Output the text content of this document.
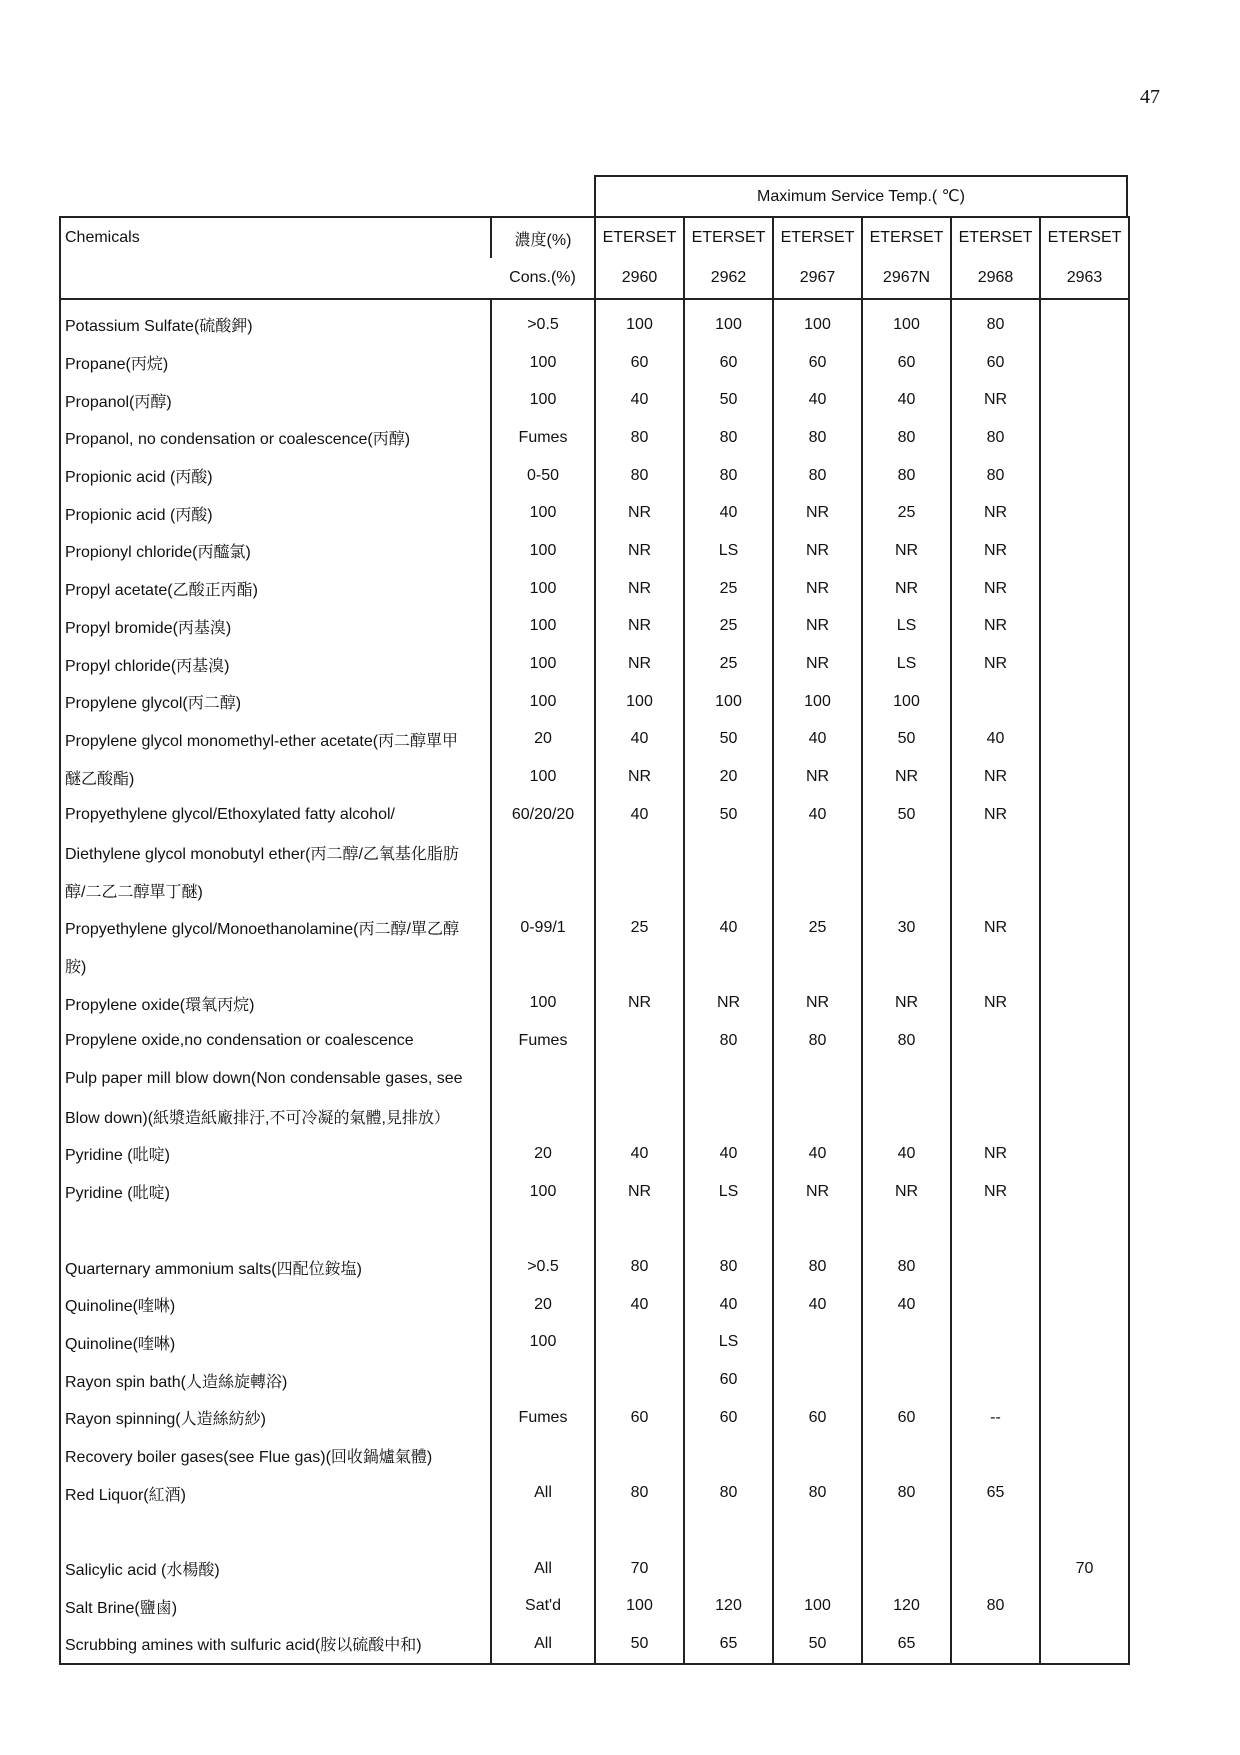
47
Maximum Service Temp.( ℃)
Chemicals	濃度(%)	ETERSET	ETERSET	ETERSET	ETERSET	ETERSET	ETERSET
	Cons.(%)	2960	2962	2967	2967N	2968	2963
Potassium Sulfate(硫酸鉀)	>0.5	100	100	100	100	80	
Propane(丙烷)	100	60	60	60	60	60	
Propanol(丙醇)	100	40	50	40	40	NR	
Propanol, no condensation or coalescence(丙醇)	Fumes	80	80	80	80	80	
Propionic acid (丙酸)	0-50	80	80	80	80	80	
Propionic acid (丙酸)	100	NR	40	NR	25	NR	
Propionyl chloride(丙醯氯)	100	NR	LS	NR	NR	NR	
Propyl acetate(乙酸正丙酯)	100	NR	25	NR	NR	NR	
Propyl bromide(丙基溴)	100	NR	25	NR	LS	NR	
Propyl chloride(丙基溴)	100	NR	25	NR	LS	NR	
Propylene glycol(丙二醇)	100	100	100	100	100		
Propylene glycol monomethyl-ether acetate(丙二醇單甲	20	40	50	40	50	40	
醚乙酸酯)	100	NR	20	NR	NR	NR	
Propyethylene glycol/Ethoxylated fatty alcohol/	60/20/20	40	50	40	50	NR	
Diethylene glycol monobutyl ether(丙二醇/乙氧基化脂肪							
醇/二乙二醇單丁醚)							
Propyethylene glycol/Monoethanolamine(丙二醇/單乙醇	0-99/1	25	40	25	30	NR	
胺)							
Propylene oxide(環氧丙烷)	100	NR	NR	NR	NR	NR	
Propylene oxide,no condensation or coalescence	Fumes		80	80	80		
Pulp paper mill blow down(Non condensable gases, see							
Blow down)(紙漿造紙廠排汙,不可冷凝的氣體,見排放）							
Pyridine (吡啶)	20	40	40	40	40	NR	
Pyridine (吡啶)	100	NR	LS	NR	NR	NR	

Quarternary ammonium salts(四配位銨塩)	>0.5	80	80	80	80		
Quinoline(喹啉)	20	40	40	40	40		
Quinoline(喹啉)	100		LS				
Rayon spin bath(人造絲旋轉浴)			60				
Rayon spinning(人造絲紡紗)	Fumes	60	60	60	60	--	
Recovery boiler gases(see Flue gas)(回收鍋爐氣體)							
Red Liquor(紅酒)	All	80	80	80	80	65	

Salicylic acid (水楊酸)	All	70					70
Salt Brine(鹽鹵)	Sat'd	100	120	100	120	80	
Scrubbing amines with sulfuric acid(胺以硫酸中和)	All	50	65	50	65		
